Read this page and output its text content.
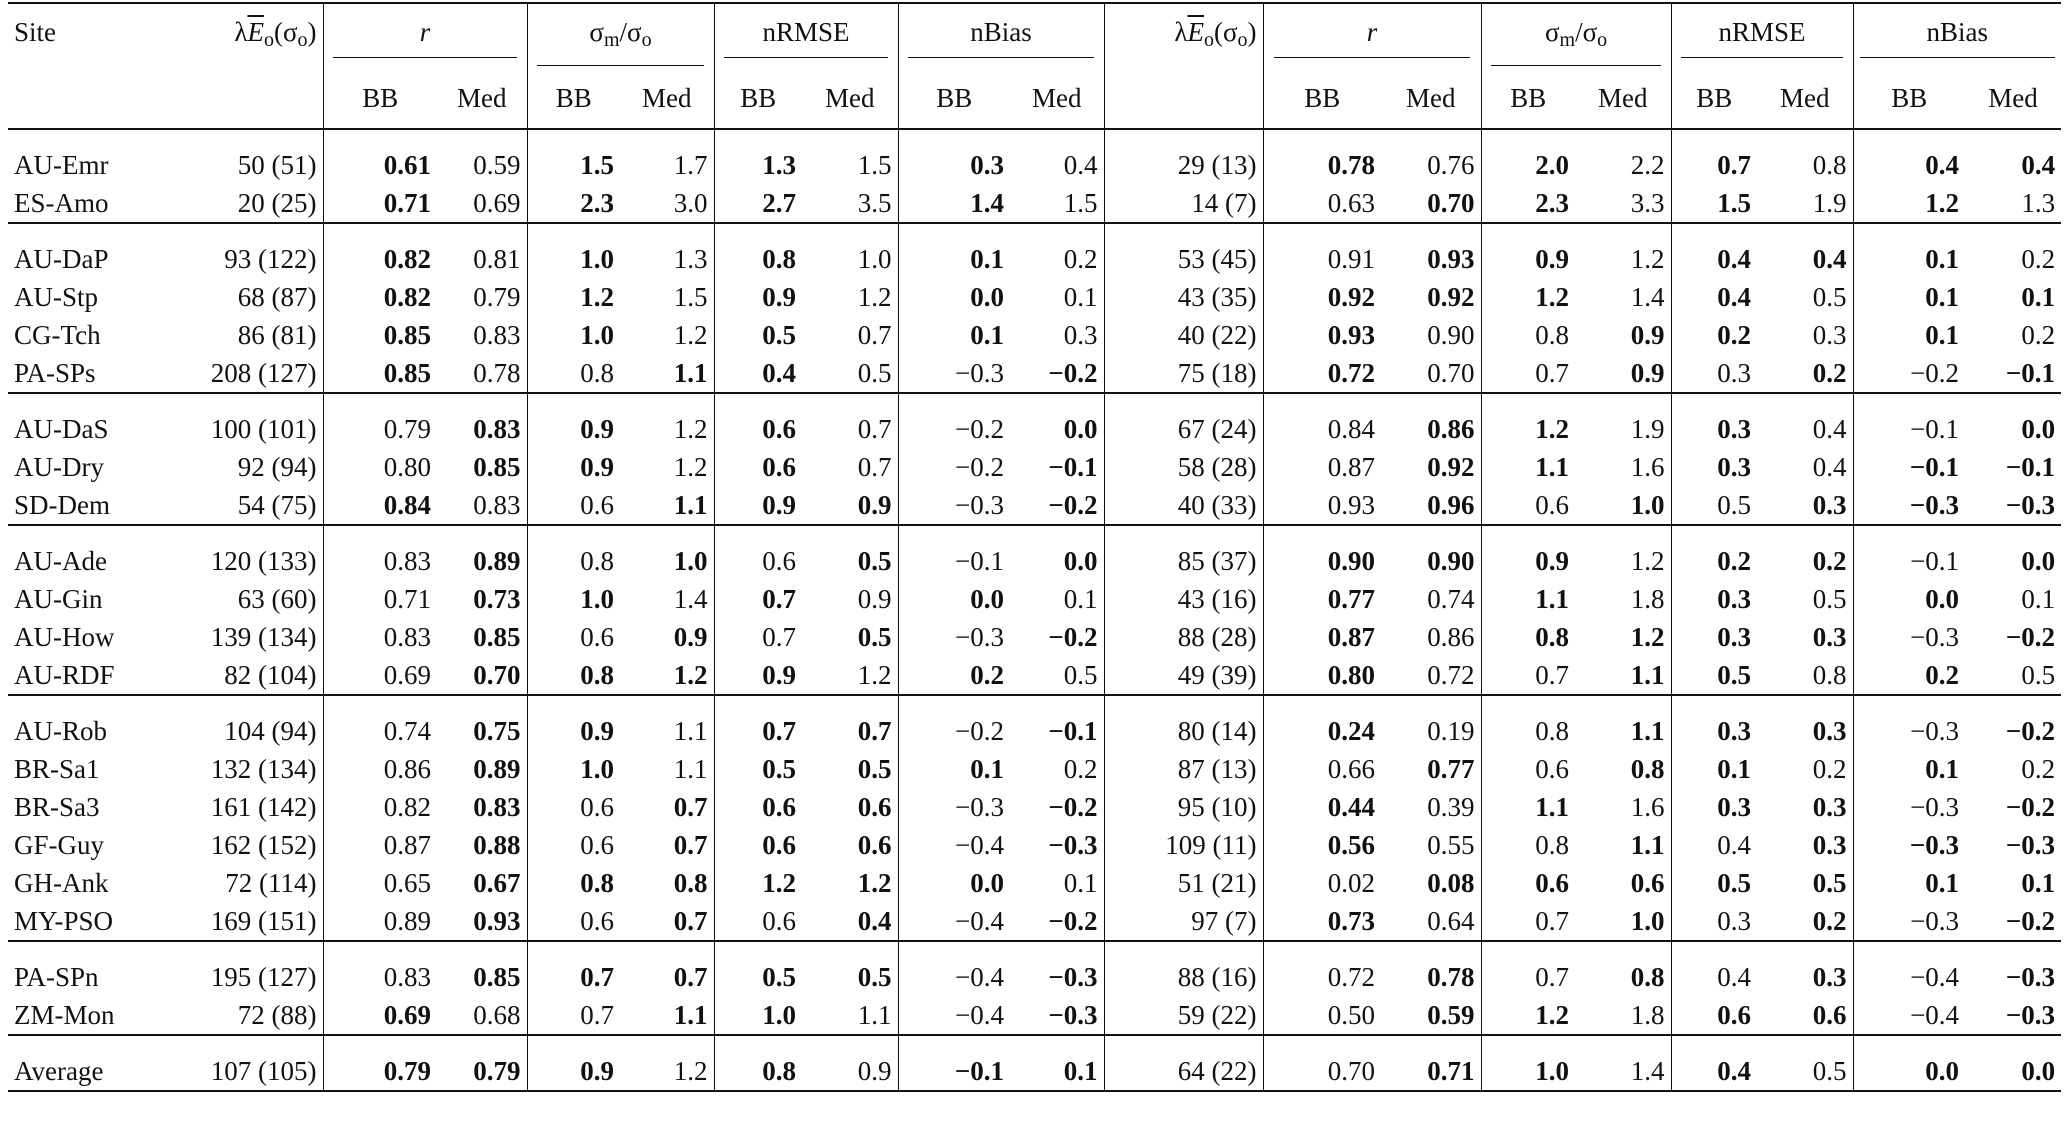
Site	$\lambda\overline{E}_o(\sigma_o)$	r		$\sigma_m/\sigma_o$		nRMSE		nBias		$\lambda\overline{E}_o(\sigma_o)$	r		$\sigma_m/\sigma_o$		nRMSE		nBias	
		BB	Med	BB	Med	BB	Med	BB	Med		BB	Med	BB	Med	BB	Med	BB	Med
AU-Emr	50 (51)	0.61	0.59	1.5	1.7	1.3	1.5	0.3	0.4	29 (13)	0.78	0.76	2.0	2.2	0.7	0.8	0.4	0.4
ES-Amo	20 (25)	0.71	0.69	2.3	3.0	2.7	3.5	1.4	1.5	14 (7)	0.63	0.70	2.3	3.3	1.5	1.9	1.2	1.3
AU-DaP	93 (122)	0.82	0.81	1.0	1.3	0.8	1.0	0.1	0.2	53 (45)	0.91	0.93	0.9	1.2	0.4	0.4	0.1	0.2
AU-Stp	68 (87)	0.82	0.79	1.2	1.5	0.9	1.2	0.0	0.1	43 (35)	0.92	0.92	1.2	1.4	0.4	0.5	0.1	0.1
CG-Tch	86 (81)	0.85	0.83	1.0	1.2	0.5	0.7	0.1	0.3	40 (22)	0.93	0.90	0.8	0.9	0.2	0.3	0.1	0.2
PA-SPs	208 (127)	0.85	0.78	0.8	1.1	0.4	0.5	−0.3	−0.2	75 (18)	0.72	0.70	0.7	0.9	0.3	0.2	−0.2	−0.1
AU-DaS	100 (101)	0.79	0.83	0.9	1.2	0.6	0.7	−0.2	0.0	67 (24)	0.84	0.86	1.2	1.9	0.3	0.4	−0.1	0.0
AU-Dry	92 (94)	0.80	0.85	0.9	1.2	0.6	0.7	−0.2	−0.1	58 (28)	0.87	0.92	1.1	1.6	0.3	0.4	−0.1	−0.1
SD-Dem	54 (75)	0.84	0.83	0.6	1.1	0.9	0.9	−0.3	−0.2	40 (33)	0.93	0.96	0.6	1.0	0.5	0.3	−0.3	−0.3
AU-Ade	120 (133)	0.83	0.89	0.8	1.0	0.6	0.5	−0.1	0.0	85 (37)	0.90	0.90	0.9	1.2	0.2	0.2	−0.1	0.0
AU-Gin	63 (60)	0.71	0.73	1.0	1.4	0.7	0.9	0.0	0.1	43 (16)	0.77	0.74	1.1	1.8	0.3	0.5	0.0	0.1
AU-How	139 (134)	0.83	0.85	0.6	0.9	0.7	0.5	−0.3	−0.2	88 (28)	0.87	0.86	0.8	1.2	0.3	0.3	−0.3	−0.2
AU-RDF	82 (104)	0.69	0.70	0.8	1.2	0.9	1.2	0.2	0.5	49 (39)	0.80	0.72	0.7	1.1	0.5	0.8	0.2	0.5
AU-Rob	104 (94)	0.74	0.75	0.9	1.1	0.7	0.7	−0.2	−0.1	80 (14)	0.24	0.19	0.8	1.1	0.3	0.3	−0.3	−0.2
BR-Sa1	132 (134)	0.86	0.89	1.0	1.1	0.5	0.5	0.1	0.2	87 (13)	0.66	0.77	0.6	0.8	0.1	0.2	0.1	0.2
BR-Sa3	161 (142)	0.82	0.83	0.6	0.7	0.6	0.6	−0.3	−0.2	95 (10)	0.44	0.39	1.1	1.6	0.3	0.3	−0.3	−0.2
GF-Guy	162 (152)	0.87	0.88	0.6	0.7	0.6	0.6	−0.4	−0.3	109 (11)	0.56	0.55	0.8	1.1	0.4	0.3	−0.3	−0.3
GH-Ank	72 (114)	0.65	0.67	0.8	0.8	1.2	1.2	0.0	0.1	51 (21)	0.02	0.08	0.6	0.6	0.5	0.5	0.1	0.1
MY-PSO	169 (151)	0.89	0.93	0.6	0.7	0.6	0.4	−0.4	−0.2	97 (7)	0.73	0.64	0.7	1.0	0.3	0.2	−0.3	−0.2
PA-SPn	195 (127)	0.83	0.85	0.7	0.7	0.5	0.5	−0.4	−0.3	88 (16)	0.72	0.78	0.7	0.8	0.4	0.3	−0.4	−0.3
ZM-Mon	72 (88)	0.69	0.68	0.7	1.1	1.0	1.1	−0.4	−0.3	59 (22)	0.50	0.59	1.2	1.8	0.6	0.6	−0.4	−0.3
Average	107 (105)	0.79	0.79	0.9	1.2	0.8	0.9	−0.1	0.1	64 (22)	0.70	0.71	1.0	1.4	0.4	0.5	0.0	0.0
